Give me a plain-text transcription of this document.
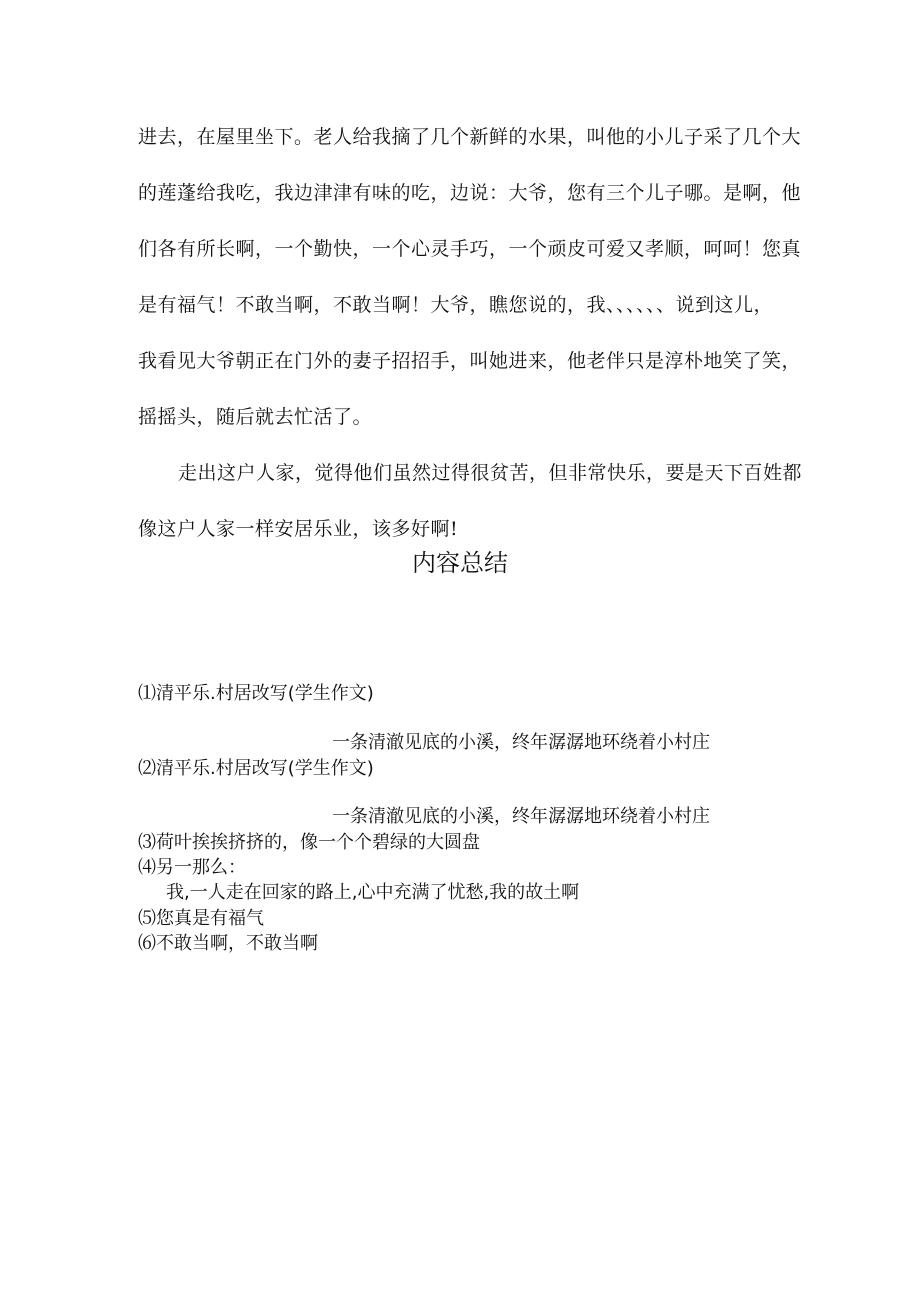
进去，在屋里坐下。老人给我摘了几个新鲜的水果，叫他的小儿子采了几个大
的莲蓬给我吃，我边津津有味的吃，边说：大爷，您有三个儿子哪。是啊，他
们各有所长啊，一个勤快，一个心灵手巧，一个顽皮可爱又孝顺，呵呵！您真
是有福气！不敢当啊，不敢当啊！大爷，瞧您说的，我、、、、、、说到这儿，
我看见大爷朝正在门外的妻子招招手，叫她进来，他老伴只是淳朴地笑了笑，
摇摇头，随后就去忙活了。
走出这户人家，觉得他们虽然过得很贫苦，但非常快乐，要是天下百姓都
像这户人家一样安居乐业，该多好啊!
内容总结
⑴清平乐.村居改写(学生作文)
一条清澈见底的小溪，终年潺潺地环绕着小村庄
⑵清平乐.村居改写(学生作文)
一条清澈见底的小溪，终年潺潺地环绕着小村庄
⑶荷叶挨挨挤挤的，像一个个碧绿的大圆盘
⑷另一那么：
我,一人走在回家的路上,心中充满了忧愁,我的故土啊
⑸您真是有福气
⑹不敢当啊，不敢当啊
